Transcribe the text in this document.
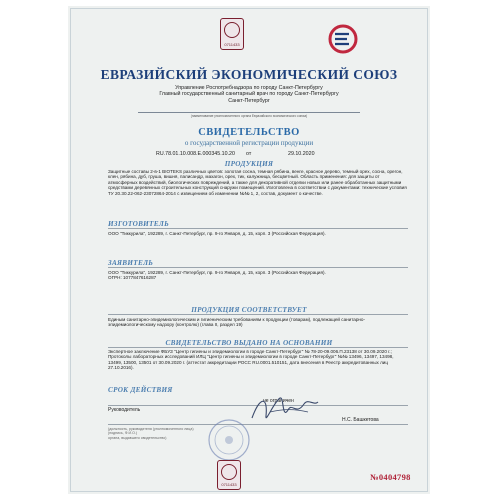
0711433
ЕВРАЗИЙСКИЙ ЭКОНОМИЧЕСКИЙ СОЮЗ
Управление Роспотребнадзора по городу Санкт-Петербургу
Главный государственный санитарный врач по городу Санкт-Петербургу
Санкт-Петербург
(наименование уполномоченного органа Евразийского экономического союза)
СВИДЕТЕЛЬСТВО
о государственной регистрации продукции
RU.78.01.10.008.E.000345.10.20 от	29.10.2020
ПРОДУКЦИЯ
Защитные составы 2-в-1 BIOTEKS различных цветов: золотая сосна, темная рябина, венге, красное дерево, темный орех, сосна, орегон, клен, рябина, дуб, груша, вишня, палисандр, махагон, орех, тик, калужница, бесцветный. Область применения: для защиты от атмосферных воздействий, биологических повреждений, а также для декоративной отделки новых или ранее обработанных защитными средствами деревянных строительных конструкций снаружи помещений. Изготовлена в соответствии с документами: технические условия ТУ 20.30.22-062-23072864-2014 с извещением об изменении №№ 1, 2, состав, документ о качестве.
ИЗГОТОВИТЕЛЬ
ООО "Тиккурила", 192289, г. Санкт-Петербург, пр. 9-го Января, д. 15, корп. 3 (Российская Федерация).
ЗАЯВИТЕЛЬ
ООО "Тиккурила", 192289, г. Санкт-Петербург, пр. 9-го Января, д. 15, корп. 3 (Российская Федерация).
ОГРН: 1077847616287
ПРОДУКЦИЯ СООТВЕТСТВУЕТ
Единым санитарно-эпидемиологическим и гигиеническим требованиям к продукции (товарам), подлежащей санитарно-эпидемиологическому надзору (контролю) (глава II, раздел 19)
СВИДЕТЕЛЬСТВО ВЫДАНО НА ОСНОВАНИИ
Экспертное заключение ФБУЗ "Центр гигиены и эпидемиологии в городе Санкт-Петербург" № 78-20-09.006.П.23138 от 30.09.2020 г.; Протоколы лабораторных исследований ИЛЦ "Центр гигиены и эпидемиологии в городе Санкт-Петербург" №№ 13496, 13497, 13498, 13499, 13500, 13501 от 30.09.2020 г. (аттестат аккредитации РОСС RU.0001.510151, дата внесения в Реестр аккредитованных лиц 27.10.2016).
СРОК ДЕЙСТВИЯ
не ограничен
Руководитель
Н.С. Башкетова
(должность, руководителя (уполномоченного лица)
(подпись, Ф.И.О.)
органа, выдавшего свидетельство)
0711433
№0404798
